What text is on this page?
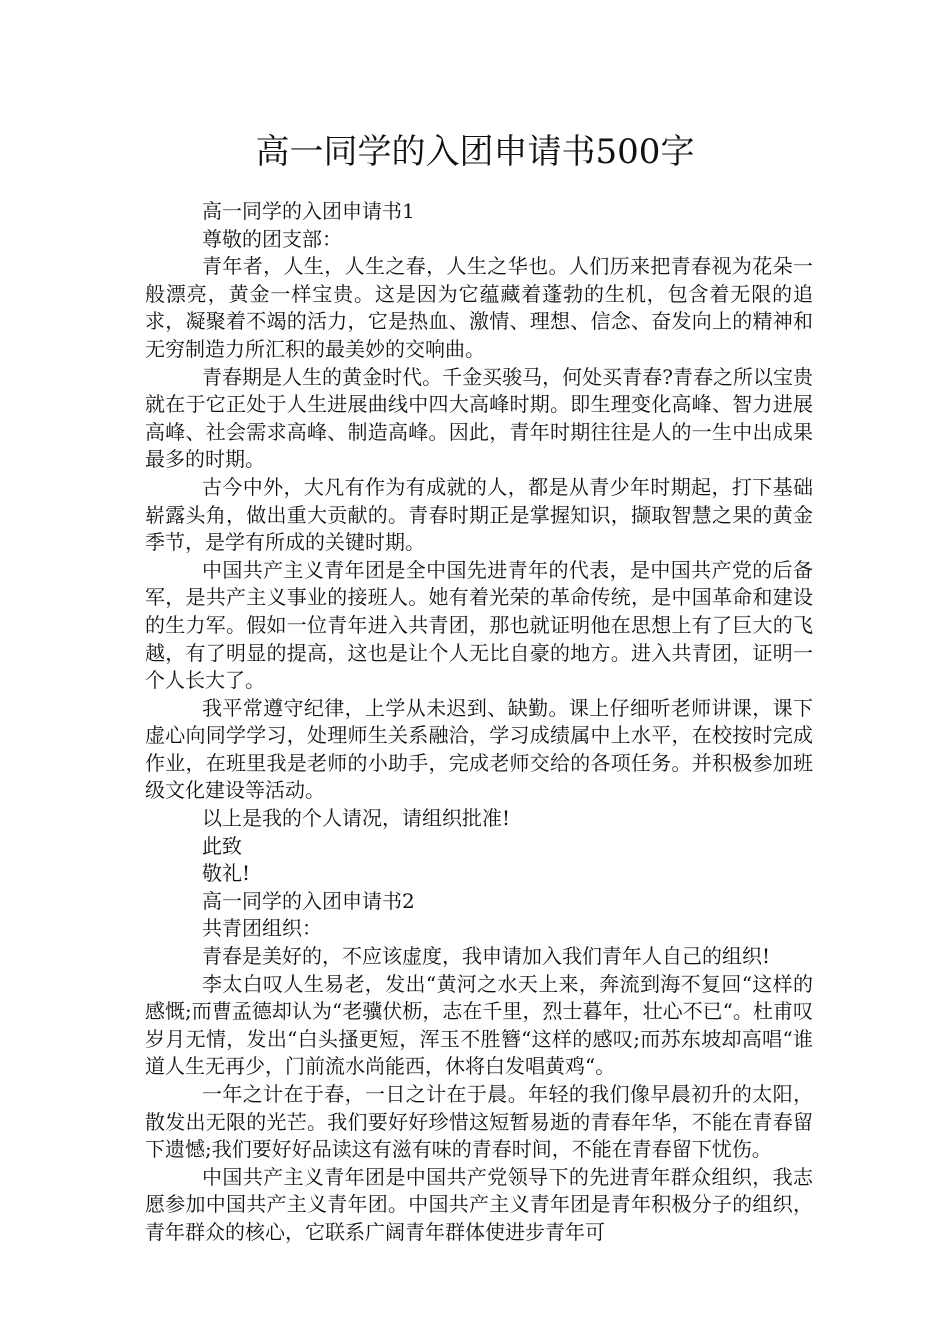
高一同学的入团申请书500字

高一同学的入团申请书1

尊敬的团支部：

青年者，人生，人生之春，人生之华也。人们历来把青春视为花朵一般漂亮，黄金一样宝贵。这是因为它蕴藏着蓬勃的生机，包含着无限的追求，凝聚着不竭的活力，它是热血、激情、理想、信念、奋发向上的精神和无穷制造力所汇积的最美妙的交响曲。

青春期是人生的黄金时代。千金买骏马，何处买青春?青春之所以宝贵就在于它正处于人生进展曲线中四大高峰时期。即生理变化高峰、智力进展高峰、社会需求高峰、制造高峰。因此，青年时期往往是人的一生中出成果最多的时期。

古今中外，大凡有作为有成就的人，都是从青少年时期起，打下基础崭露头角，做出重大贡献的。青春时期正是掌握知识，撷取智慧之果的黄金季节，是学有所成的关键时期。

中国共产主义青年团是全中国先进青年的代表，是中国共产党的后备军，是共产主义事业的接班人。她有着光荣的革命传统，是中国革命和建设的生力军。假如一位青年进入共青团，那也就证明他在思想上有了巨大的飞越，有了明显的提高，这也是让个人无比自豪的地方。进入共青团，证明一个人长大了。

我平常遵守纪律，上学从未迟到、缺勤。课上仔细听老师讲课，课下虚心向同学学习，处理师生关系融洽，学习成绩属中上水平，在校按时完成作业，在班里我是老师的小助手，完成老师交给的各项任务。并积极参加班级文化建设等活动。

以上是我的个人请况，请组织批准!

此致

敬礼!

高一同学的入团申请书2

共青团组织：

青春是美好的，不应该虚度，我申请加入我们青年人自己的组织!

李太白叹人生易老，发出“黄河之水天上来，奔流到海不复回“这样的感慨;而曹孟德却认为“老骥伏枥，志在千里，烈士暮年，壮心不已“。杜甫叹岁月无情，发出“白头搔更短，浑玉不胜簪“这样的感叹;而苏东坡却高唱“谁道人生无再少，门前流水尚能西，休将白发唱黄鸡“。

一年之计在于春，一日之计在于晨。年轻的我们像早晨初升的太阳，散发出无限的光芒。我们要好好珍惜这短暂易逝的青春年华，不能在青春留下遗憾;我们要好好品读这有滋有味的青春时间，不能在青春留下忧伤。

中国共产主义青年团是中国共产党领导下的先进青年群众组织，我志愿参加中国共产主义青年团。中国共产主义青年团是青年积极分子的组织，青年群众的核心，它联系广阔青年群体使进步青年可
